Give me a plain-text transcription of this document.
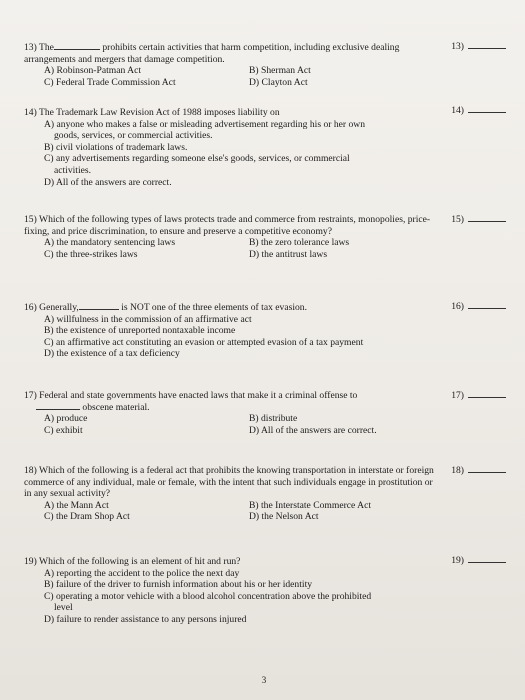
13) The	prohibits certain activities that harm competition, including exclusive dealing arrangements and mergers that damage competition.
A) Robinson-Patman Act	B) Sherman Act
C) Federal Trade Commission Act	D) Clayton Act
13)
14) The Trademark Law Revision Act of 1988 imposes liability on
A) anyone who makes a false or misleading advertisement regarding his or her own
goods, services, or commercial activities.
B) civil violations of trademark laws.
C) any advertisements regarding someone else's goods, services, or commercial
activities.
D) All of the answers are correct.
14)
15) Which of the following types of laws protects trade and commerce from restraints, monopolies, price-fixing, and price discrimination, to ensure and preserve a competitive economy?
A) the mandatory sentencing laws	B) the zero tolerance laws
C) the three-strikes laws	D) the antitrust laws
15)
16) Generally,	is NOT one of the three elements of tax evasion.
A) willfulness in the commission of an affirmative act
B) the existence of unreported nontaxable income
C) an affirmative act constituting an evasion or attempted evasion of a tax payment
D) the existence of a tax deficiency
16)
17) Federal and state governments have enacted laws that make it a criminal offense to
obscene material.
A) produce	B) distribute
C) exhibit	D) All of the answers are correct.
17)
18) Which of the following is a federal act that prohibits the knowing transportation in interstate or foreign commerce of any individual, male or female, with the intent that such individuals engage in prostitution or in any sexual activity?
A) the Mann Act	B) the Interstate Commerce Act
C) the Dram Shop Act	D) the Nelson Act
18)
19) Which of the following is an element of hit and run?
A) reporting the accident to the police the next day
B) failure of the driver to furnish information about his or her identity
C) operating a motor vehicle with a blood alcohol concentration above the prohibited
level
D) failure to render assistance to any persons injured
19)
3
